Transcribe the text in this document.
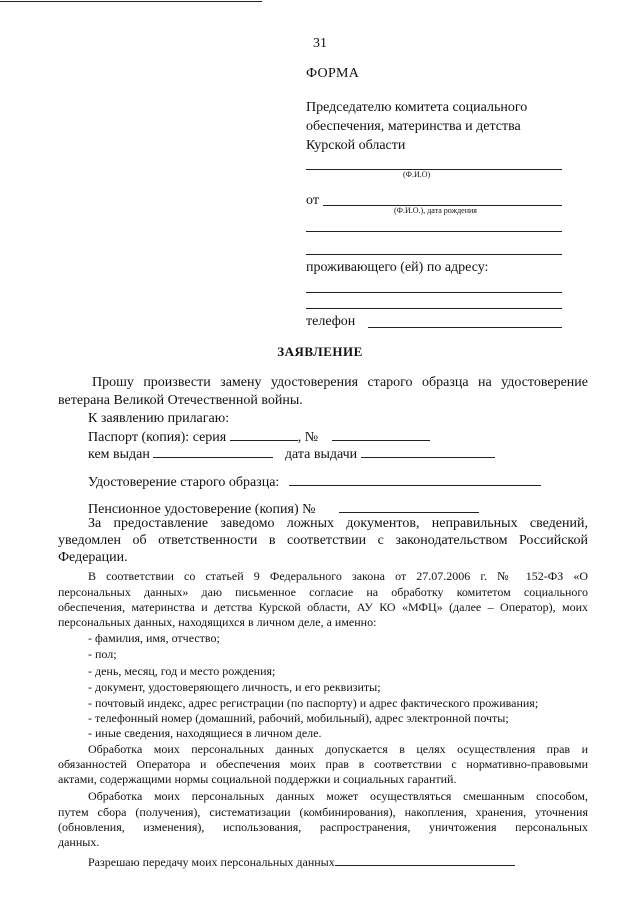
31
ФОРМА
Председателю комитета социального
обеспечения, материнства и детства
Курской области
(Ф.И.О)
от
(Ф.И.О.), дата рождения
проживающего (ей) по адресу:
телефон
ЗАЯВЛЕНИЕ
Прошу произвести замену удостоверения старого образца на удостоверение
ветерана Великой Отечественной войны.
К заявлению прилагаю:
Паспорт (копия): серия	, №
кем выдан	дата выдачи
Удостоверение старого образца:
Пенсионное удостоверение (копия) №
За предоставление заведомо ложных документов, неправильных сведений,
уведомлен об ответственности в соответствии с законодательством Российской
Федерации.
В соответствии со статьей 9 Федерального закона от 27.07.2006 г. № 152-ФЗ «О
персональных данных» даю письменное согласие на обработку комитетом социального
обеспечения, материнства и детства Курской области, АУ КО «МФЦ» (далее – Оператор), моих
персональных данных, находящихся в личном деле, а именно:
- фамилия, имя, отчество;
- пол;
- день, месяц, год и место рождения;
- документ, удостоверяющего личность, и его реквизиты;
- почтовый индекс, адрес регистрации (по паспорту) и адрес фактического проживания;
- телефонный номер (домашний, рабочий, мобильный), адрес электронной почты;
- иные сведения, находящиеся в личном деле.
Обработка моих персональных данных допускается в целях осуществления прав и
обязанностей Оператора и обеспечения моих прав в соответствии с нормативно-правовыми
актами, содержащими нормы социальной поддержки и социальных гарантий.
Обработка моих персональных данных может осуществляться смешанным способом,
путем сбора (получения), систематизации (комбинирования), накопления, хранения, уточнения
(обновления, изменения), использования, распространения, уничтожения персональных
данных.
Разрешаю передачу моих персональных данных
